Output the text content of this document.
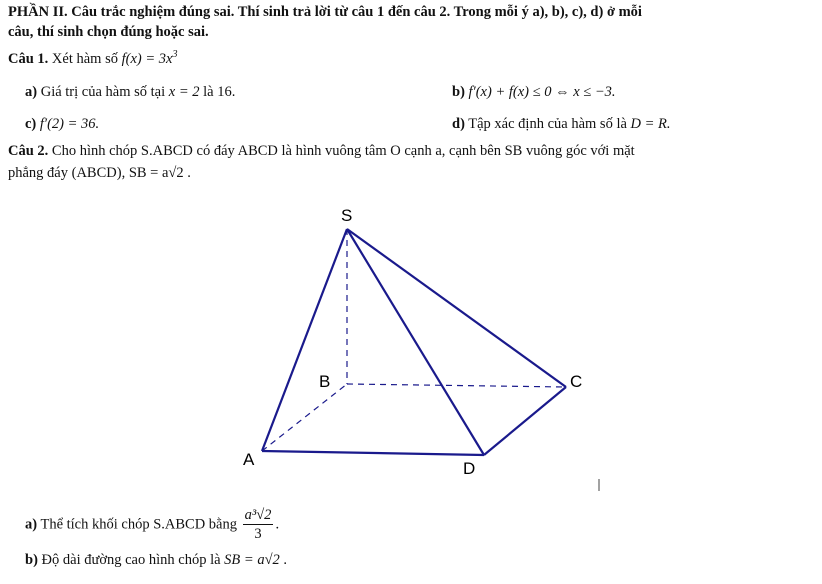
PHẦN II. Câu trắc nghiệm đúng sai. Thí sinh trả lời từ câu 1 đến câu 2. Trong mỗi ý a), b), c), d) ở mỗi
câu, thí sinh chọn đúng hoặc sai.
Câu 1. Xét hàm số $f(x) = 3x^3$
a) Giá trị của hàm số tại x = 2 là 16.	b) f′(x) + f(x) ≤ 0 ⇔ x ≤ −3.
c) f′(2) = 36.	d) Tập xác định của hàm số là D = R.
Câu 2. Cho hình chóp S.ABCD có đáy ABCD là hình vuông tâm O cạnh a, cạnh bên SB vuông góc với mặt
phẳng đáy (ABCD), SB = a√2 .
S
B	C
A	D
a) Thể tích khối chóp S.ABCD bằng $\frac{\text{a³√2}}{3}$ .
b) Độ dài đường cao hình chóp là SB = a√2 .
